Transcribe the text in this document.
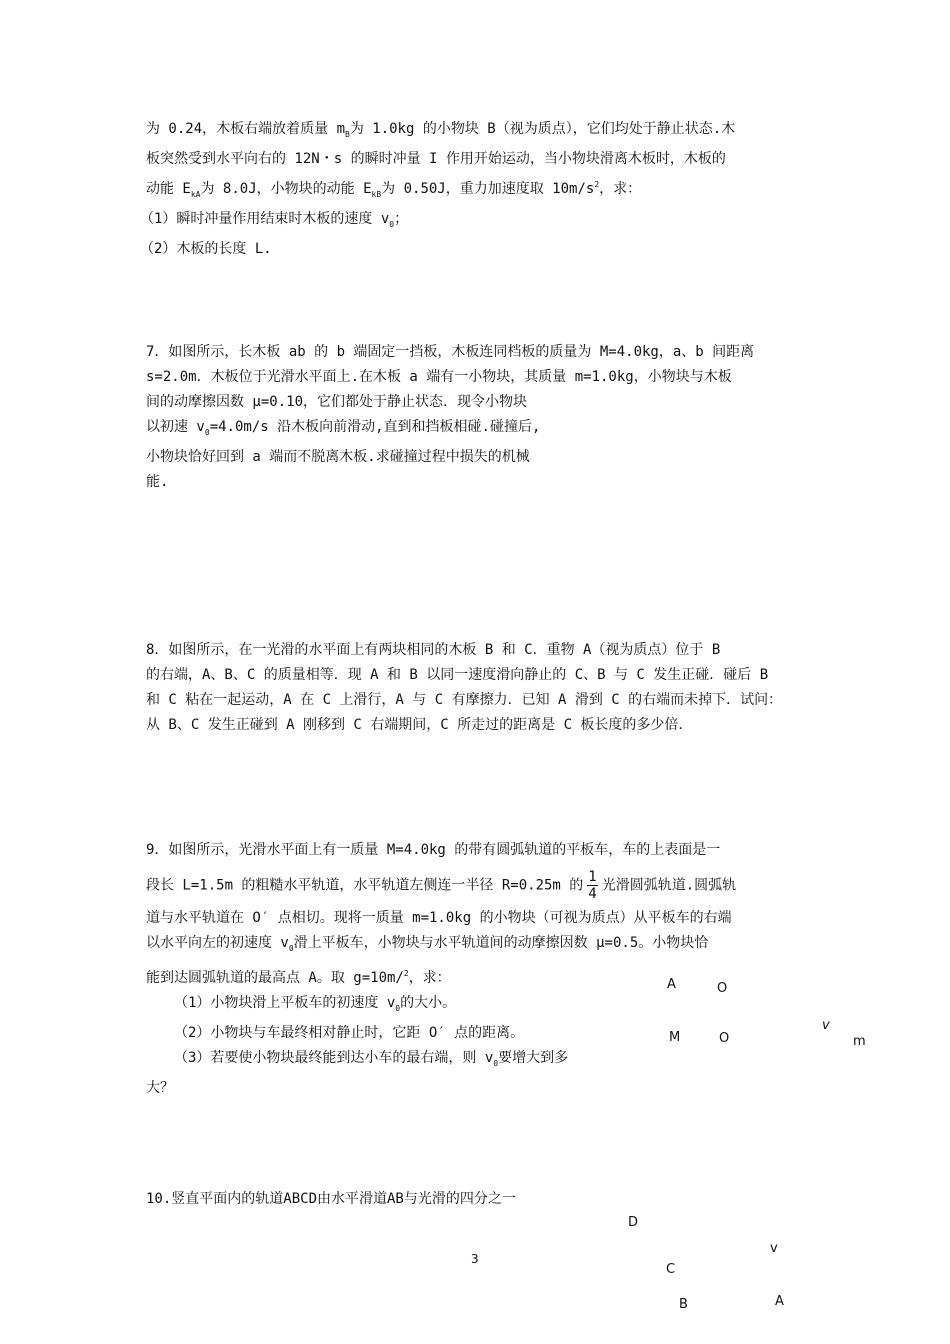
为 0.24，木板右端放着质量 $m_B$为 1.0kg 的小物块 B（视为质点），它们均处于静止状态.木
板突然受到水平向右的 12N・s 的瞬时冲量 I 作用开始运动，当小物块滑离木板时，木板的
动能 $E_{kA}$为 8.0J，小物块的动能 $E_{kB}$为 0.50J，重力加速度取 $10m/s^2$，求：
（1）瞬时冲量作用结束时木板的速度 $v_0$；
（2）木板的长度 L.
7．如图所示，长木板 ab 的 b 端固定一挡板，木板连同档板的质量为 M=4.0kg，a、b 间距离
s=2.0m．木板位于光滑水平面上.在木板 a 端有一小物块，其质量 m=1.0kg，小物块与木板
间的动摩擦因数 μ=0.10，它们都处于静止状态．现令小物块
以初速 $v_0=4.0m/s$ 沿木板向前滑动,直到和挡板相碰.碰撞后,
小物块恰好回到 a 端而不脱离木板.求碰撞过程中损失的机械
能.
8．如图所示，在一光滑的水平面上有两块相同的木板 B 和 C．重物 A（视为质点）位于 B
的右端，A、B、C 的质量相等．现 A 和 B 以同一速度滑向静止的 C、B 与 C 发生正碰．碰后 B
和 C 粘在一起运动，A 在 C 上滑行，A 与 C 有摩擦力．已知 A 滑到 C 的右端而未掉下．试问：
从 B、C 发生正碰到 A 刚移到 C 右端期间，C 所走过的距离是 C 板长度的多少倍．
9．如图所示，光滑水平面上有一质量 M=4.0kg 的带有圆弧轨道的平板车，车的上表面是一
段长 L=1.5m 的粗糙水平轨道，水平轨道左侧连一半径 R=0.25m 的 $\frac{1}{4}$ 光滑圆弧轨道.圆弧轨
道与水平轨道在 O′ 点相切。现将一质量 m=1.0kg 的小物块（可视为质点）从平板车的右端
以水平向左的初速度 $v_0$滑上平板车，小物块与水平轨道间的动摩擦因数 μ=0.5。小物块恰
能到达圆弧轨道的最高点 A。取 g=10m/$^2$，求：
（1）小物块滑上平板车的初速度 $v_0$的大小。
（2）小物块与车最终相对静止时，它距 O′ 点的距离。
（3）若要使小物块最终能到达小车的最右端，则 $v_0$要增大到多
大？
A	O
M	O
v
m
10.竖直平面内的轨道ABCD由水平滑道AB与光滑的四分之一
D
v
C
B	A
3
